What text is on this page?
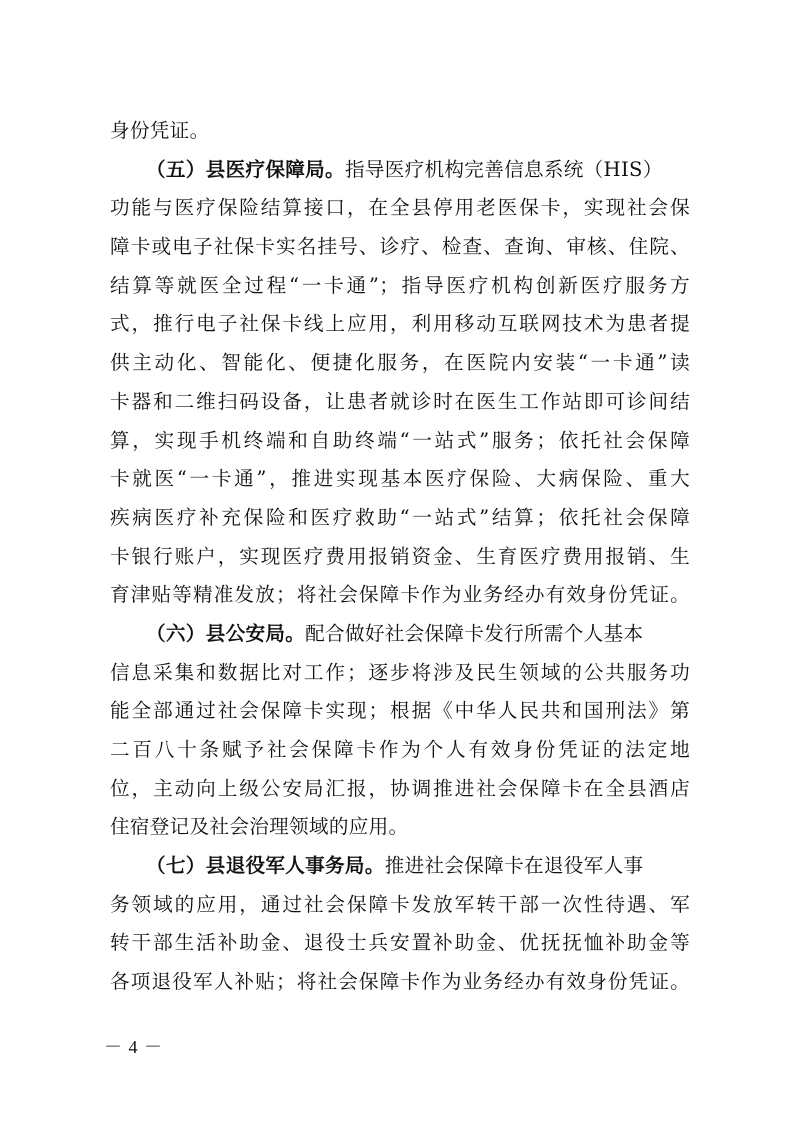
身份凭证。
（五）县医疗保障局。指导医疗机构完善信息系统（HIS）
功能与医疗保险结算接口，在全县停用老医保卡，实现社会保
障卡或电子社保卡实名挂号、诊疗、检查、查询、审核、住院、
结算等就医全过程“一卡通”；指导医疗机构创新医疗服务方
式，推行电子社保卡线上应用，利用移动互联网技术为患者提
供主动化、智能化、便捷化服务，在医院内安装“一卡通”读
卡器和二维扫码设备，让患者就诊时在医生工作站即可诊间结
算，实现手机终端和自助终端“一站式”服务；依托社会保障
卡就医“一卡通”，推进实现基本医疗保险、大病保险、重大
疾病医疗补充保险和医疗救助“一站式”结算；依托社会保障
卡银行账户，实现医疗费用报销资金、生育医疗费用报销、生
育津贴等精准发放；将社会保障卡作为业务经办有效身份凭证。
（六）县公安局。配合做好社会保障卡发行所需个人基本
信息采集和数据比对工作；逐步将涉及民生领域的公共服务功
能全部通过社会保障卡实现；根据《中华人民共和国刑法》第
二百八十条赋予社会保障卡作为个人有效身份凭证的法定地
位，主动向上级公安局汇报，协调推进社会保障卡在全县酒店
住宿登记及社会治理领域的应用。
（七）县退役军人事务局。推进社会保障卡在退役军人事
务领域的应用，通过社会保障卡发放军转干部一次性待遇、军
转干部生活补助金、退役士兵安置补助金、优抚抚恤补助金等
各项退役军人补贴；将社会保障卡作为业务经办有效身份凭证。
－ 4 －
